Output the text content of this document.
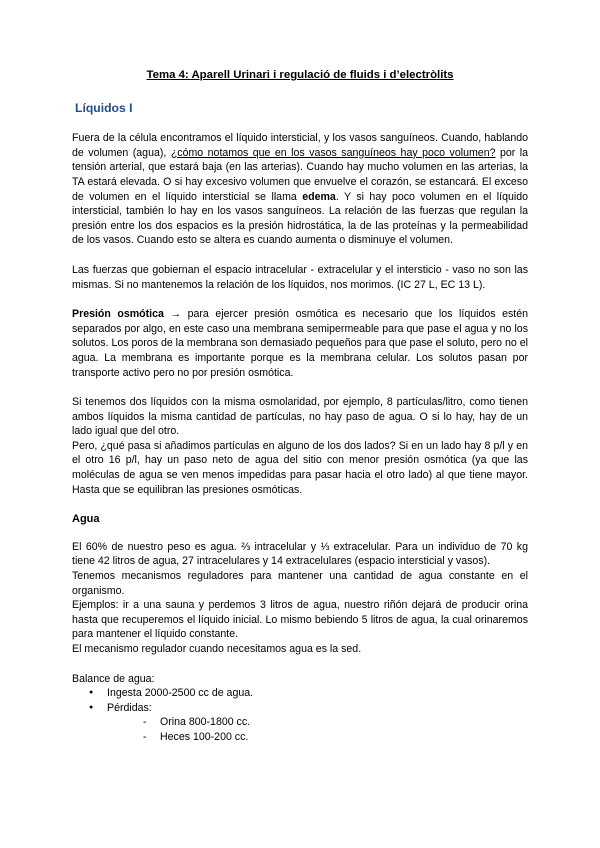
Tema 4: Aparell Urinari i regulació de fluids i d’electròlits
Líquidos I

Fuera de la célula encontramos el líquido intersticial, y los vasos sanguíneos. Cuando, hablando de volumen (agua), ¿cómo notamos que en los vasos sanguíneos hay poco volumen? por la tensión arterial, que estará baja (en las arterias). Cuando hay mucho volumen en las arterias, la TA estará elevada. O si hay excesivo volumen que envuelve el corazón, se estancará. El exceso de volumen en el líquido intersticial se llama edema. Y si hay poco volumen en el líquido intersticial, también lo hay en los vasos sanguíneos. La relación de las fuerzas que regulan la presión entre los dos espacios es la presión hidrostática, la de las proteínas y la permeabilidad de los vasos. Cuando esto se altera es cuando aumenta o disminuye el volumen.

Las fuerzas que gobiernan el espacio intracelular - extracelular y el intersticio - vaso no son las mismas. Si no mantenemos la relación de los líquidos, nos morimos. (IC 27 L, EC 13 L).

Presión osmótica → para ejercer presión osmótica es necesario que los líquidos estén separados por algo, en este caso una membrana semipermeable para que pase el agua y no los solutos. Los poros de la membrana son demasiado pequeños para que pase el soluto, pero no el agua. La membrana es importante porque es la membrana celular. Los solutos pasan por transporte activo pero no por presión osmótica.

Si tenemos dos líquidos con la misma osmolaridad, por ejemplo, 8 partículas/litro, como tienen ambos líquidos la misma cantidad de partículas, no hay paso de agua. O si lo hay, hay de un lado igual que del otro.

Pero, ¿qué pasa si añadimos partículas en alguno de los dos lados? Si en un lado hay 8 p/l y en el otro 16 p/l, hay un paso neto de agua del sitio con menor presión osmótica (ya que las moléculas de agua se ven menos impedidas para pasar hacia el otro lado) al que tiene mayor. Hasta que se equilibran las presiones osmóticas.

Agua

El 60% de nuestro peso es agua. ⅔ intracelular y ⅓ extracelular. Para un individuo de 70 kg tiene 42 litros de agua, 27 intracelulares y 14 extracelulares (espacio intersticial y vasos).

Tenemos mecanismos reguladores para mantener una cantidad de agua constante en el organismo.

Ejemplos: ir a una sauna y perdemos 3 litros de agua, nuestro riñón dejará de producir orina hasta que recuperemos el líquido inicial. Lo mismo bebiendo 5 litros de agua, la cual orinaremos para mantener el líquido constante.

El mecanismo regulador cuando necesitamos agua es la sed.

Balance de agua:

● Ingesta 2000-2500 cc de agua.
● Pérdidas:
- Orina 800-1800 cc.
- Heces 100-200 cc.
